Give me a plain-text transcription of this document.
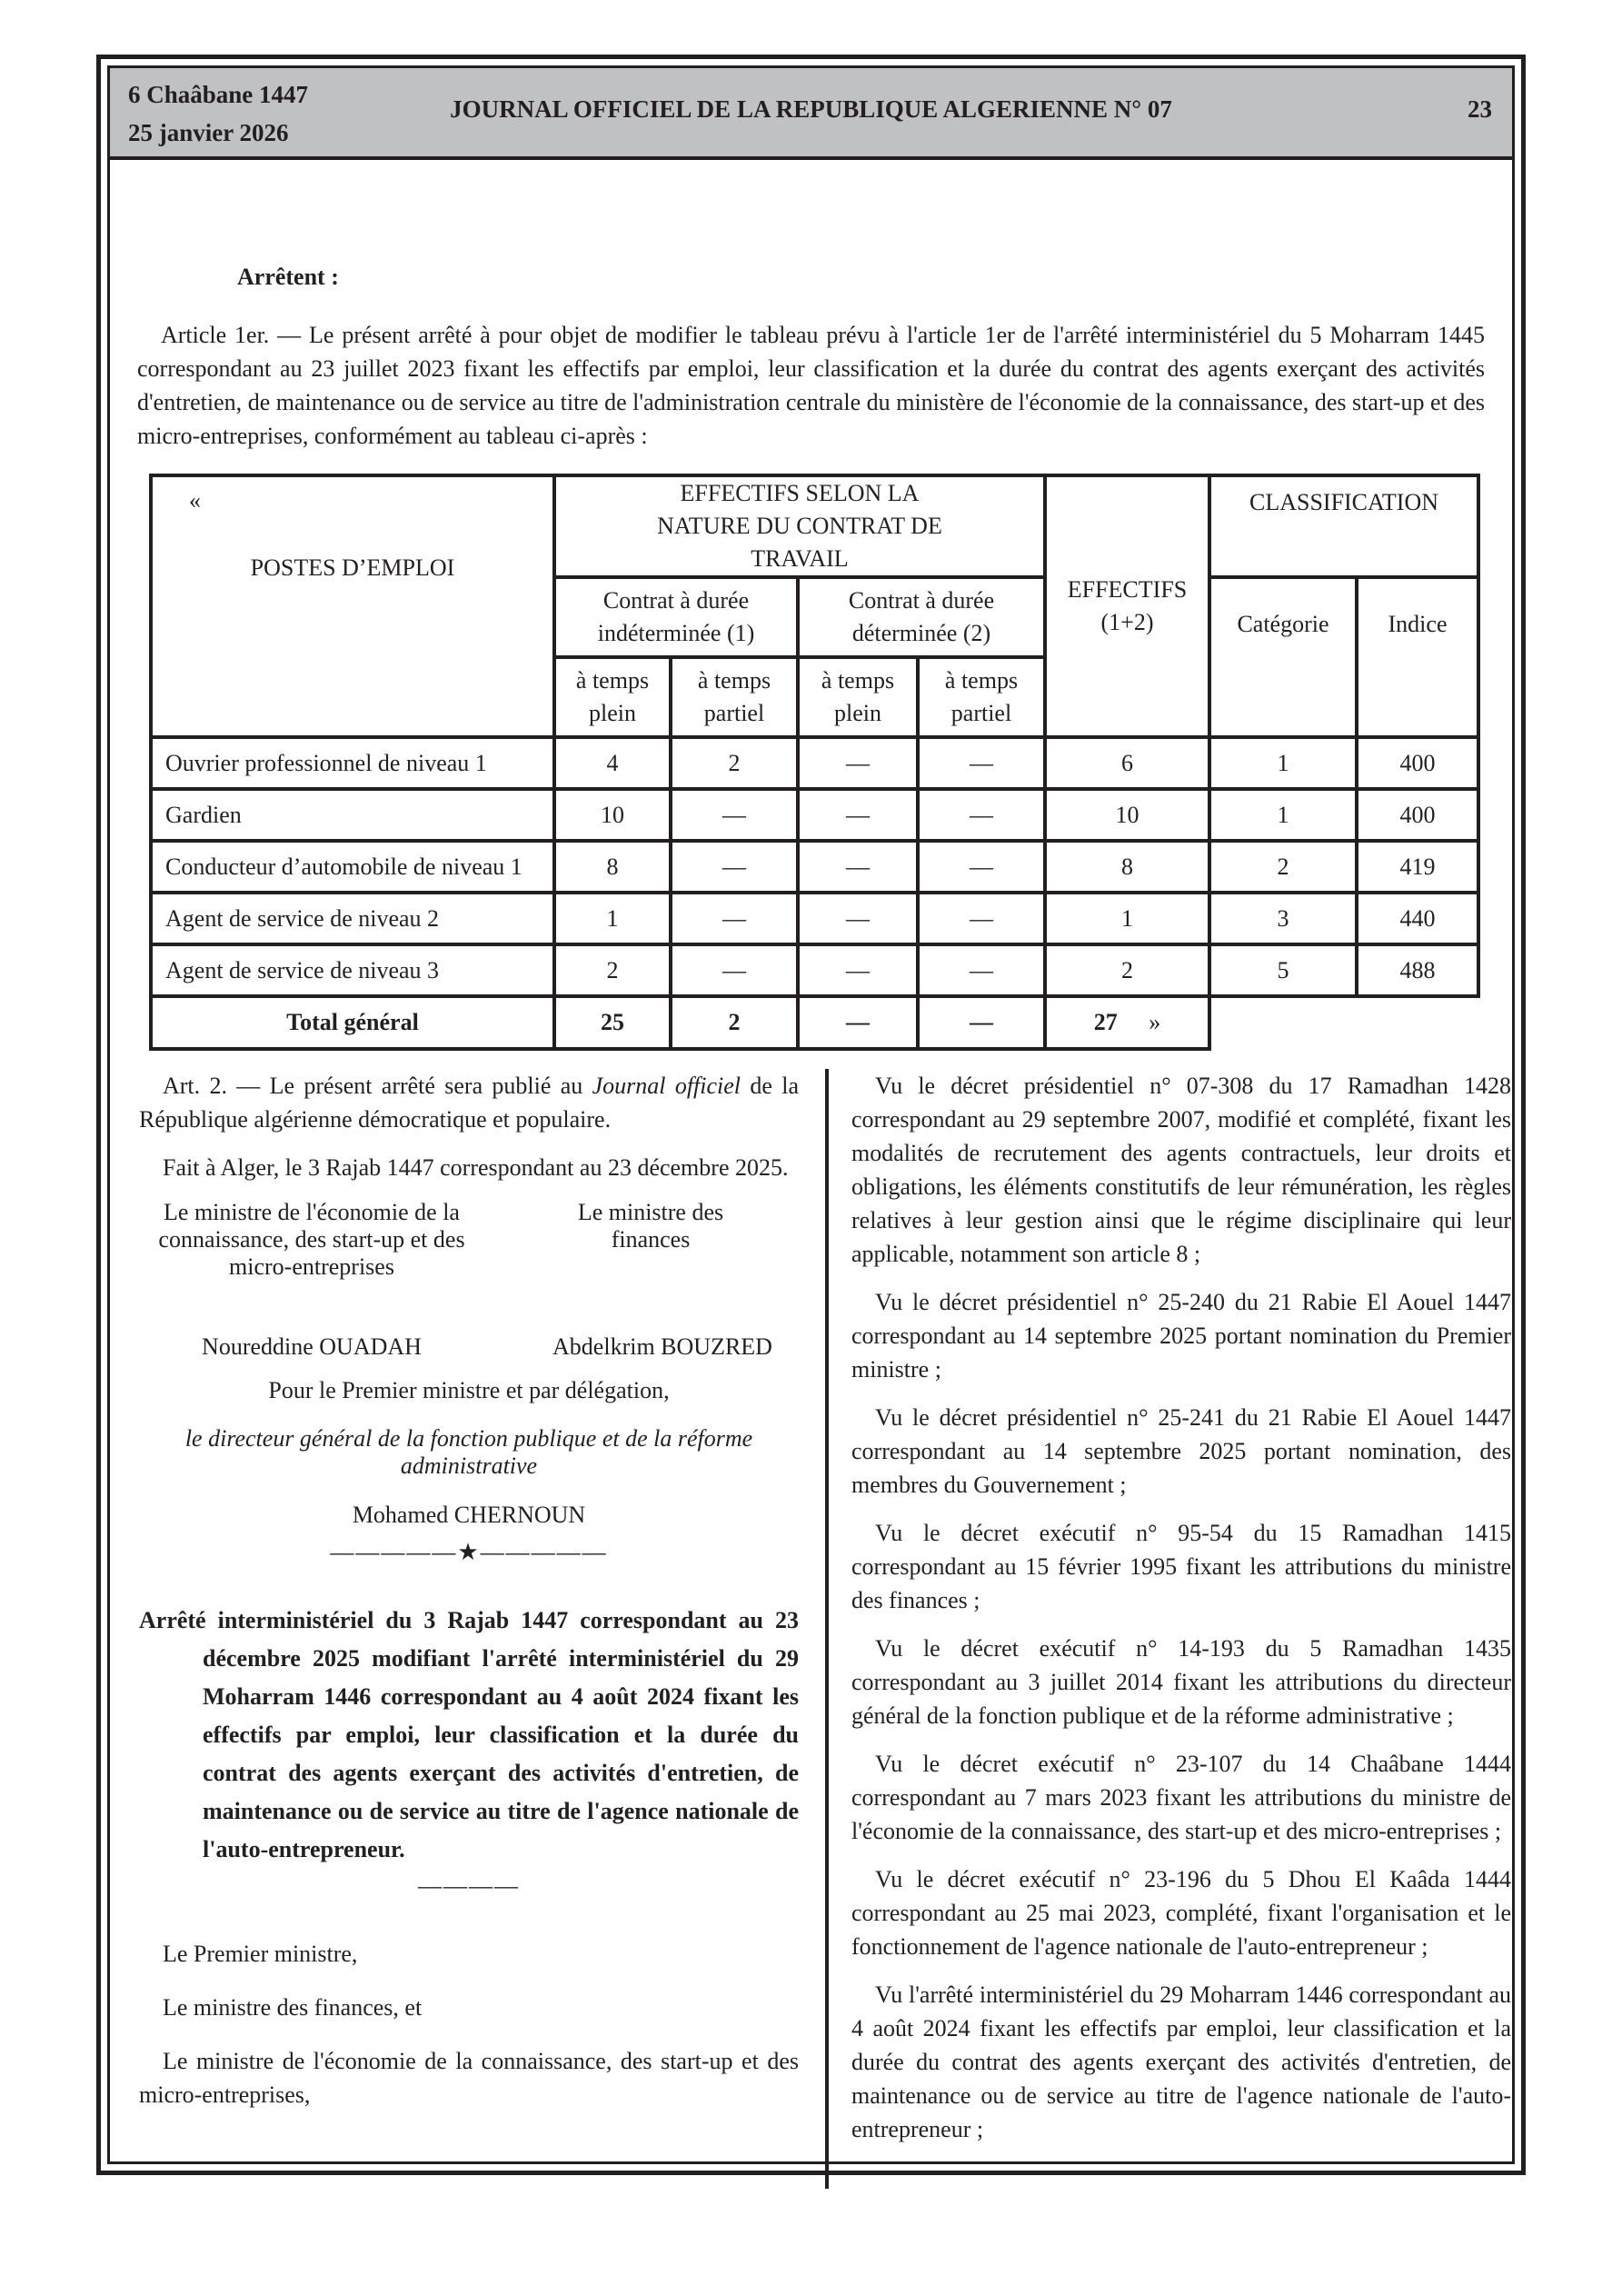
6 Chaâbane 1447
25 janvier 2026
JOURNAL OFFICIEL DE LA REPUBLIQUE ALGERIENNE N° 07	23
Arrêtent :

Article 1er. — Le présent arrêté à pour objet de modifier le tableau prévu à l'article 1er de l'arrêté interministériel du 5 Moharram 1445 correspondant au 23 juillet 2023 fixant les effectifs par emploi, leur classification et la durée du contrat des agents exerçant des activités d'entretien, de maintenance ou de service au titre de l'administration centrale du ministère de l'économie de la connaissance, des start-up et des micro-entreprises, conformément au tableau ci-après :

«
POSTES D’EMPLOI	EFFECTIFS SELON LA NATURE DU CONTRAT DE TRAVAIL				EFFECTIFS (1+2)	CLASSIFICATION	
	Contrat à durée indéterminée (1)		Contrat à durée déterminée (2)			Catégorie	Indice
	à temps plein	à temps partiel	à temps plein	à temps partiel			
Ouvrier professionnel de niveau 1	4	2	—	—	6	1	400
Gardien	10	—	—	—	10	1	400
Conducteur d’automobile de niveau 1	8	—	—	—	8	2	419
Agent de service de niveau 2	1	—	—	—	1	3	440
Agent de service de niveau 3	2	—	—	—	2	5	488
Total général	25	2	—	—	27 »		

Art. 2. — Le présent arrêté sera publié au Journal officiel de la République algérienne démocratique et populaire.

Fait à Alger, le 3 Rajab 1447 correspondant au 23 décembre 2025.

Le ministre de l'économie de la connaissance, des start-up et des micro-entreprises
Le ministre des finances
Noureddine OUADAH	Abdelkrim BOUZRED

Pour le Premier ministre et par délégation,

le directeur général de la fonction publique et de la réforme administrative

Mohamed CHERNOUN

—————★—————

Arrêté interministériel du 3 Rajab 1447 correspondant au 23 décembre 2025 modifiant l'arrêté interministériel du 29 Moharram 1446 correspondant au 4 août 2024 fixant les effectifs par emploi, leur classification et la durée du contrat des agents exerçant des activités d'entretien, de maintenance ou de service au titre de l'agence nationale de l'auto-entrepreneur.

————

Le Premier ministre,

Le ministre des finances, et

Le ministre de l'économie de la connaissance, des start-up et des micro-entreprises,

Vu le décret présidentiel n° 07-308 du 17 Ramadhan 1428 correspondant au 29 septembre 2007, modifié et complété, fixant les modalités de recrutement des agents contractuels, leur droits et obligations, les éléments constitutifs de leur rémunération, les règles relatives à leur gestion ainsi que le régime disciplinaire qui leur applicable, notamment son article 8 ;

Vu le décret présidentiel n° 25-240 du 21 Rabie El Aouel 1447 correspondant au 14 septembre 2025 portant nomination du Premier ministre ;

Vu le décret présidentiel n° 25-241 du 21 Rabie El Aouel 1447 correspondant au 14 septembre 2025 portant nomination, des membres du Gouvernement ;

Vu le décret exécutif n° 95-54 du 15 Ramadhan 1415 correspondant au 15 février 1995 fixant les attributions du ministre des finances ;

Vu le décret exécutif n° 14-193 du 5 Ramadhan 1435 correspondant au 3 juillet 2014 fixant les attributions du directeur général de la fonction publique et de la réforme administrative ;

Vu le décret exécutif n° 23-107 du 14 Chaâbane 1444 correspondant au 7 mars 2023 fixant les attributions du ministre de l'économie de la connaissance, des start-up et des micro-entreprises ;

Vu le décret exécutif n° 23-196 du 5 Dhou El Kaâda 1444 correspondant au 25 mai 2023, complété, fixant l'organisation et le fonctionnement de l'agence nationale de l'auto-entrepreneur ;

Vu l'arrêté interministériel du 29 Moharram 1446 correspondant au 4 août 2024 fixant les effectifs par emploi, leur classification et la durée du contrat des agents exerçant des activités d'entretien, de maintenance ou de service au titre de l'agence nationale de l'auto-entrepreneur ;
